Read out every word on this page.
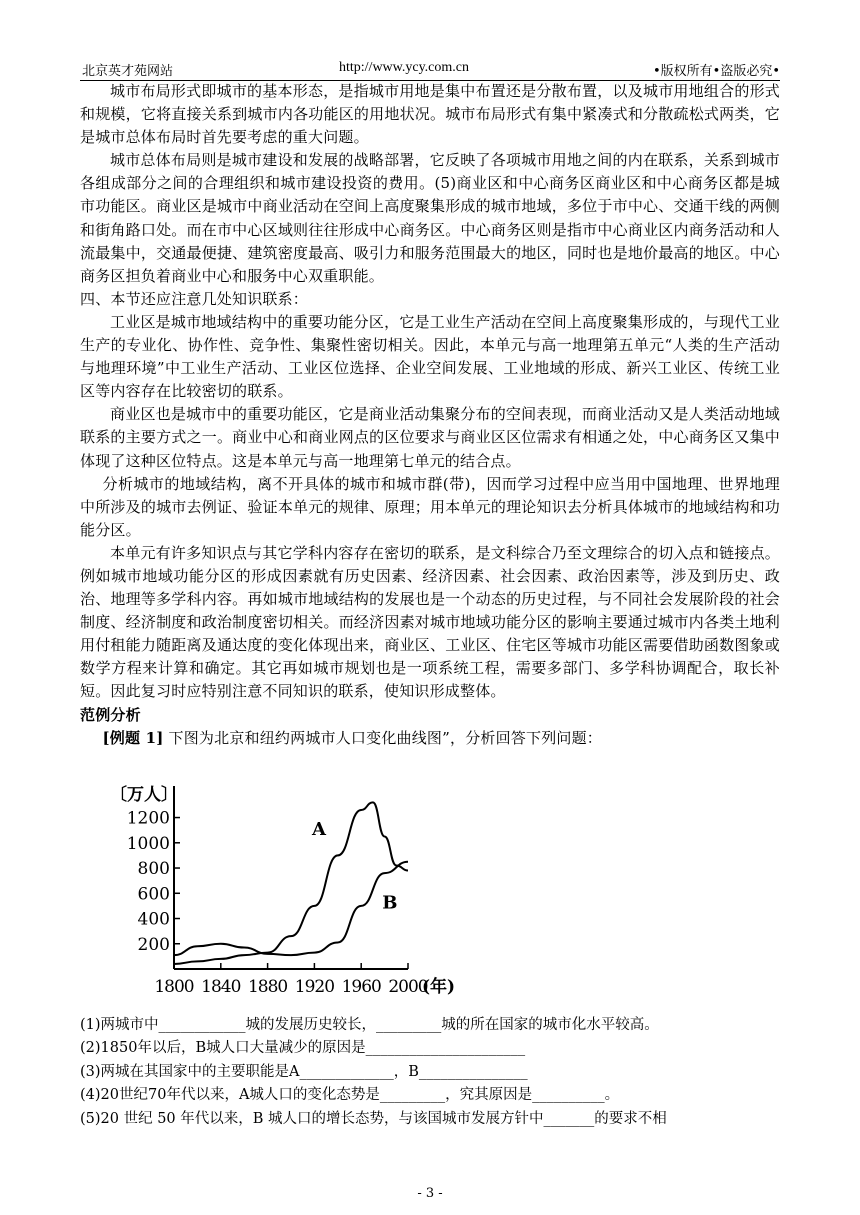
北京英才苑网站	http://www.ycy.com.cn	•版权所有•盗版必究•

城市布局形式即城市的基本形态，是指城市用地是集中布置还是分散布置，以及城市用地组合的形式和规模，它将直接关系到城市内各功能区的用地状况。城市布局形式有集中紧凑式和分散疏松式两类，它是城市总体布局时首先要考虑的重大问题。

城市总体布局则是城市建设和发展的战略部署，它反映了各项城市用地之间的内在联系，关系到城市各组成部分之间的合理组织和城市建设投资的费用。(5)商业区和中心商务区商业区和中心商务区都是城市功能区。商业区是城市中商业活动在空间上高度聚集形成的城市地域，多位于市中心、交通干线的两侧和街角路口处。而在市中心区域则往往形成中心商务区。中心商务区则是指市中心商业区内商务活动和人流最集中，交通最便捷、建筑密度最高、吸引力和服务范围最大的地区，同时也是地价最高的地区。中心商务区担负着商业中心和服务中心双重职能。

四、本节还应注意几处知识联系：

工业区是城市地域结构中的重要功能分区，它是工业生产活动在空间上高度聚集形成的，与现代工业生产的专业化、协作性、竞争性、集聚性密切相关。因此，本单元与高一地理第五单元“人类的生产活动与地理环境”中工业生产活动、工业区位选择、企业空间发展、工业地域的形成、新兴工业区、传统工业区等内容存在比较密切的联系。

商业区也是城市中的重要功能区，它是商业活动集聚分布的空间表现，而商业活动又是人类活动地域联系的主要方式之一。商业中心和商业网点的区位要求与商业区区位需求有相通之处，中心商务区又集中体现了这种区位特点。这是本单元与高一地理第七单元的结合点。

分析城市的地域结构，离不开具体的城市和城市群(带)，因而学习过程中应当用中国地理、世界地理中所涉及的城市去例证、验证本单元的规律、原理；用本单元的理论知识去分析具体城市的地域结构和功能分区。

本单元有许多知识点与其它学科内容存在密切的联系，是文科综合乃至文理综合的切入点和链接点。例如城市地域功能分区的形成因素就有历史因素、经济因素、社会因素、政治因素等，涉及到历史、政治、地理等多学科内容。再如城市地域结构的发展也是一个动态的历史过程，与不同社会发展阶段的社会制度、经济制度和政治制度密切相关。而经济因素对城市地域功能分区的影响主要通过城市内各类土地利用付租能力随距离及通达度的变化体现出来，商业区、工业区、住宅区等城市功能区需要借助函数图象或数学方程来计算和确定。其它再如城市规划也是一项系统工程，需要多部门、多学科协调配合，取长补短。因此复习时应特别注意不同知识的联系，使知识形成整体。

范例分析

[例题 1] 下图为北京和纽约两城市人口变化曲线图”，分析回答下列问题：

〔万人〕
200
400
600
800
1000
1200
1800 1840 1880 1920 1960 2000
(年)
A
B

(1)两城市中____________城的发展历史较长，_________城的所在国家的城市化水平较高。

(2)1850年以后，B城人口大量减少的原因是______________________

(3)两城在其国家中的主要职能是A_____________，B_______________

(4)20世纪70年代以来，A城人口的变化态势是_________，究其原因是__________。

(5)20 世纪 50 年代以来，B 城人口的增长态势，与该国城市发展方针中_______的要求不相

- 3 -
